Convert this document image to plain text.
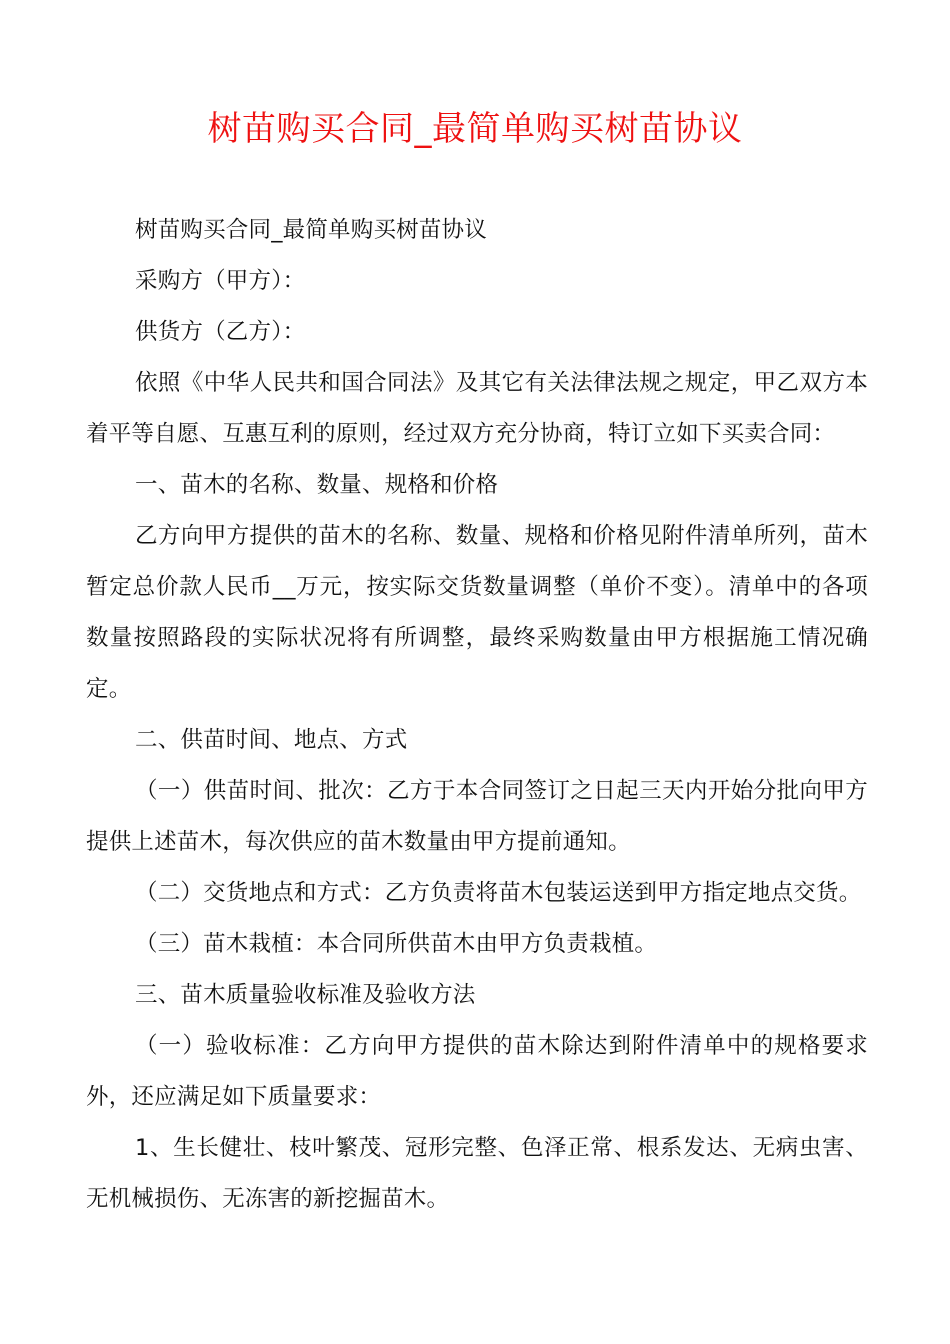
树苗购买合同_最简单购买树苗协议

树苗购买合同_最简单购买树苗协议

采购方（甲方）：

供货方（乙方）：

依照《中华人民共和国合同法》及其它有关法律法规之规定，甲乙双方本着平等自愿、互惠互利的原则，经过双方充分协商，特订立如下买卖合同：

一、苗木的名称、数量、规格和价格

乙方向甲方提供的苗木的名称、数量、规格和价格见附件清单所列，苗木暂定总价款人民币__万元，按实际交货数量调整（单价不变）。清单中的各项数量按照路段的实际状况将有所调整，最终采购数量由甲方根据施工情况确定。

二、供苗时间、地点、方式

（一）供苗时间、批次：乙方于本合同签订之日起三天内开始分批向甲方提供上述苗木，每次供应的苗木数量由甲方提前通知。

（二）交货地点和方式：乙方负责将苗木包装运送到甲方指定地点交货。

（三）苗木栽植：本合同所供苗木由甲方负责栽植。

三、苗木质量验收标准及验收方法

（一）验收标准：乙方向甲方提供的苗木除达到附件清单中的规格要求外，还应满足如下质量要求：

1、生长健壮、枝叶繁茂、冠形完整、色泽正常、根系发达、无病虫害、无机械损伤、无冻害的新挖掘苗木。
